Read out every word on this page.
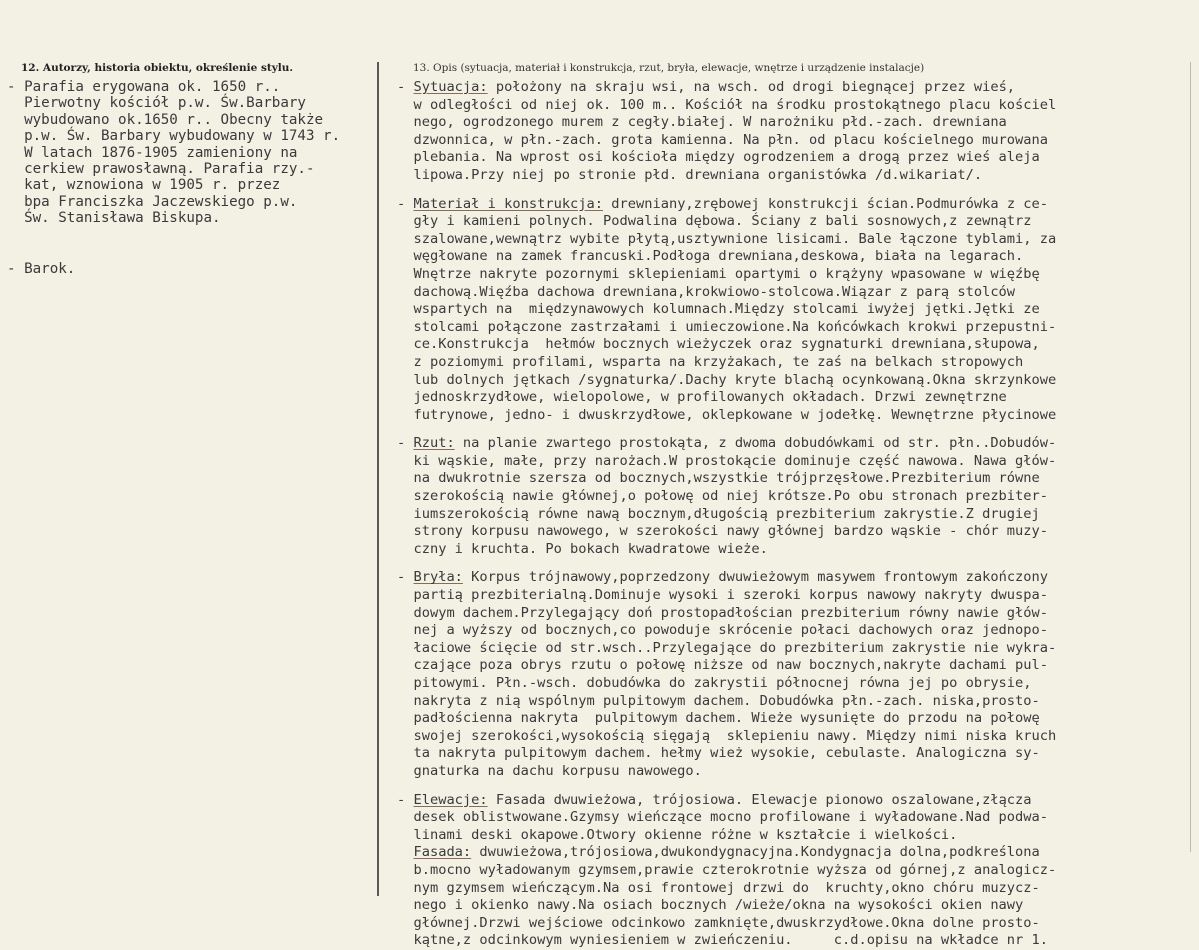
12. Autorzy, historia obiektu, określenie stylu.	13. Opis (sytuacja, materiał i konstrukcja, rzut, bryła, elewacje, wnętrze i urządzenie instalacje)
- Parafia erygowana ok. 1650 r..
Pierwotny kościół p.w. Św.Barbary
wybudowano ok.1650 r.. Obecny także
p.w. Św. Barbary wybudowany w 1743 r.
W latach 1876-1905 zamieniony na
cerkiew prawosławną. Parafia rzy.-
kat, wznowiona w 1905 r. przez
bpa Franciszka Jaczewskiego p.w.
Św. Stanisława Biskupa.
- Barok.
- Sytuacja: położony na skraju wsi, na wsch. od drogi biegnącej przez wieś,
w odległości od niej ok. 100 m.. Kościół na środku prostokątnego placu kościel
nego, ogrodzonego murem z cegły.białej. W narożniku płd.-zach. drewniana
dzwonnica, w płn.-zach. grota kamienna. Na płn. od placu kościelnego murowana
plebania. Na wprost osi kościoła między ogrodzeniem a drogą przez wieś aleja
lipowa.Przy niej po stronie płd. drewniana organistówka /d.wikariat/.
- Materiał i konstrukcja: drewniany,zrębowej konstrukcji ścian.Podmurówka z ce-
gły i kamieni polnych. Podwalina dębowa. Ściany z bali sosnowych,z zewnątrz
szalowane,wewnątrz wybite płytą,usztywnione lisicami. Bale łączone tyblami, za
węgłowane na zamek francuski.Podłoga drewniana,deskowa, biała na legarach.
Wnętrze nakryte pozornymi sklepieniami opartymi o krążyny wpasowane w więźbę
dachową.Więźba dachowa drewniana,krokwiowo-stolcowa.Wiązar z parą stolców
wspartych na  międzynawowych kolumnach.Między stolcami iwyżej jętki.Jętki ze
stolcami połączone zastrzałami i umieczowione.Na końcówkach krokwi przepustni-
ce.Konstrukcja  hełmów bocznych wieżyczek oraz sygnaturki drewniana,słupowa,
z poziomymi profilami, wsparta na krzyżakach, te zaś na belkach stropowych
lub dolnych jętkach /sygnaturka/.Dachy kryte blachą ocynkowaną.Okna skrzynkowe
jednoskrzydłowe, wielopolowe, w profilowanych okładach. Drzwi zewnętrzne
futrynowe, jedno- i dwuskrzydłowe, oklepkowane w jodełkę. Wewnętrzne płycinowe
- Rzut: na planie zwartego prostokąta, z dwoma dobudówkami od str. płn..Dobudów-
ki wąskie, małe, przy narożach.W prostokącie dominuje część nawowa. Nawa głów-
na dwukrotnie szersza od bocznych,wszystkie trójprzęsłowe.Prezbiterium równe
szerokością nawie głównej,o połowę od niej krótsze.Po obu stronach prezbiter-
iumszerokością równe nawą bocznym,długością prezbiterium zakrystie.Z drugiej
strony korpusu nawowego, w szerokości nawy głównej bardzo wąskie - chór muzy-
czny i kruchta. Po bokach kwadratowe wieże.
- Bryła: Korpus trójnawowy,poprzedzony dwuwieżowym masywem frontowym zakończony
partią prezbiterialną.Dominuje wysoki i szeroki korpus nawowy nakryty dwuspa-
dowym dachem.Przylegający doń prostopadłościan prezbiterium równy nawie głów-
nej a wyższy od bocznych,co powoduje skrócenie połaci dachowych oraz jednopo-
łaciowe ścięcie od str.wsch..Przylegające do prezbiterium zakrystie nie wykra-
czające poza obrys rzutu o połowę niższe od naw bocznych,nakryte dachami pul-
pitowymi. Płn.-wsch. dobudówka do zakrystii północnej równa jej po obrysie,
nakryta z nią wspólnym pulpitowym dachem. Dobudówka płn.-zach. niska,prosto-
padłościenna nakryta  pulpitowym dachem. Wieże wysunięte do przodu na połowę
swojej szerokości,wysokością sięgają  sklepieniu nawy. Między nimi niska kruch
ta nakryta pulpitowym dachem. hełmy wież wysokie, cebulaste. Analogiczna sy-
gnaturka na dachu korpusu nawowego.
- Elewacje: Fasada dwuwieżowa, trójosiowa. Elewacje pionowo oszalowane,złącza
desek oblistwowane.Gzymsy wieńczące mocno profilowane i wyładowane.Nad podwa-
linami deski okapowe.Otwory okienne różne w kształcie i wielkości.
Fasada: dwuwieżowa,trójosiowa,dwukondygnacyjna.Kondygnacja dolna,podkreślona
b.mocno wyładowanym gzymsem,prawie czterokrotnie wyższa od górnej,z analogicz-
nym gzymsem wieńczącym.Na osi frontowej drzwi do  kruchty,okno chóru muzycz-
nego i okienko nawy.Na osiach bocznych /wieże/okna na wysokości okien nawy
głównej.Drzwi wejściowe odcinkowo zamknięte,dwuskrzydłowe.Okna dolne prosto-
kątne,z odcinkowym wyniesieniem w zwieńczeniu.     c.d.opisu na wkładce nr 1.
